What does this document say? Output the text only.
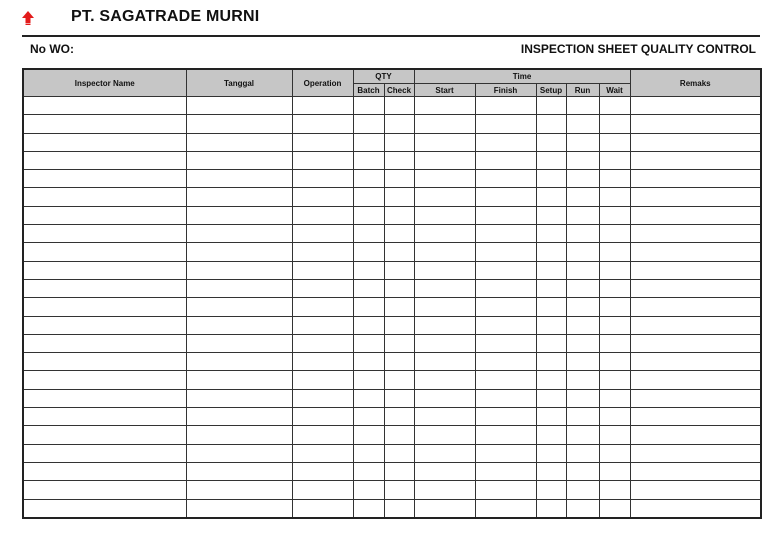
PT. SAGATRADE MURNI
No WO:	INSPECTION SHEET QUALITY CONTROL
Inspector Name	Tanggal	Operation	QTY		Time					Remaks
			Batch	Check	Start	Finish	Setup	Run	Wait	
